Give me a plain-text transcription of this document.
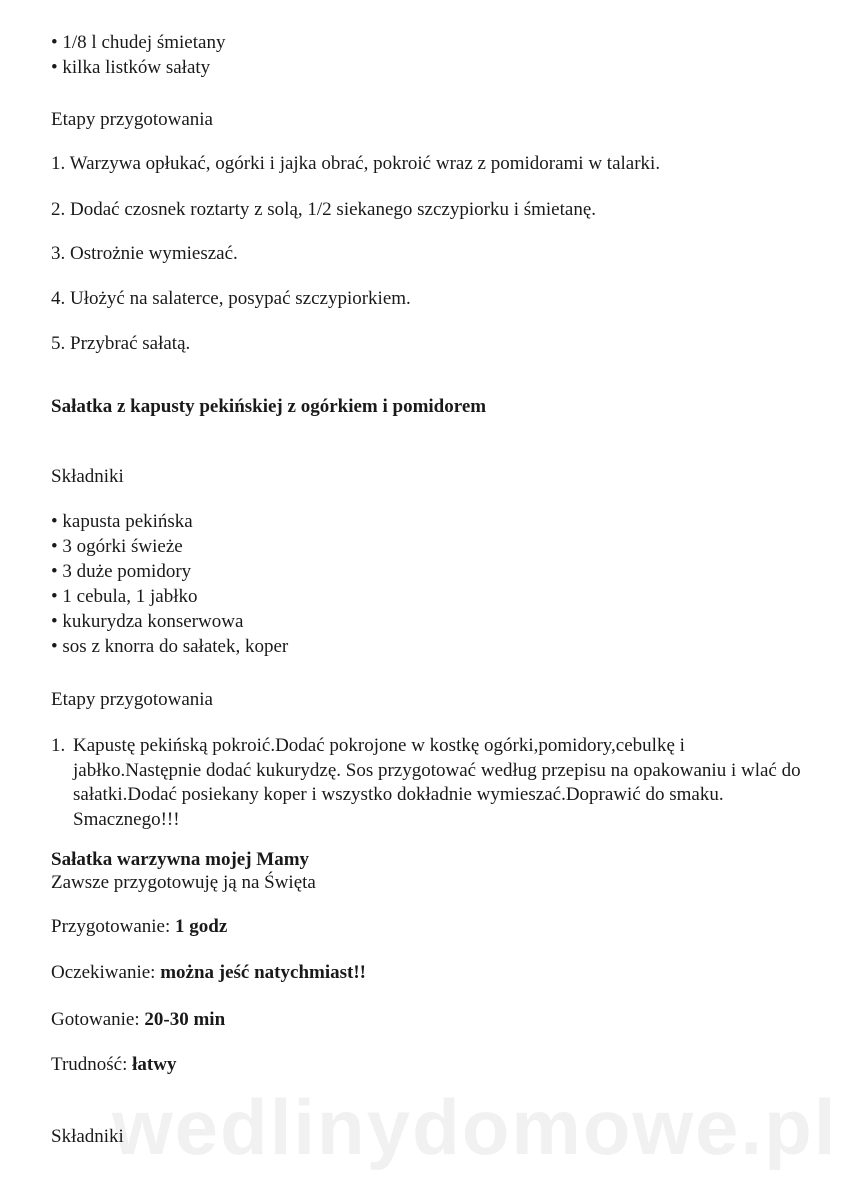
• 1/8 l chudej śmietany
• kilka listków sałaty
Etapy przygotowania
1. Warzywa opłukać, ogórki i jajka obrać, pokroić wraz z pomidorami w talarki.
2. Dodać czosnek roztarty z solą, 1/2 siekanego szczypiorku i śmietanę.
3. Ostrożnie wymieszać.
4. Ułożyć na salaterce, posypać szczypiorkiem.
5. Przybrać sałatą.
Sałatka z kapusty pekińskiej z ogórkiem i pomidorem
Składniki
• kapusta pekińska
• 3 ogórki świeże
• 3 duże pomidory
• 1 cebula, 1 jabłko
• kukurydza konserwowa
• sos z knorra do sałatek, koper
Etapy przygotowania
1. Kapustę pekińską pokroić.Dodać pokrojone w kostkę ogórki,pomidory,cebulkę i jabłko.Następnie dodać kukurydzę. Sos przygotować według przepisu na opakowaniu i wlać do sałatki.Dodać posiekany koper i wszystko dokładnie wymieszać.Doprawić do smaku. Smacznego!!!
Sałatka warzywna mojej Mamy
Zawsze przygotowuję ją na Święta
Przygotowanie: 1 godz
Oczekiwanie: można jeść natychmiast!!
Gotowanie: 20-30 min
Trudność: łatwy
wedlinydomowe.pl
Składniki
